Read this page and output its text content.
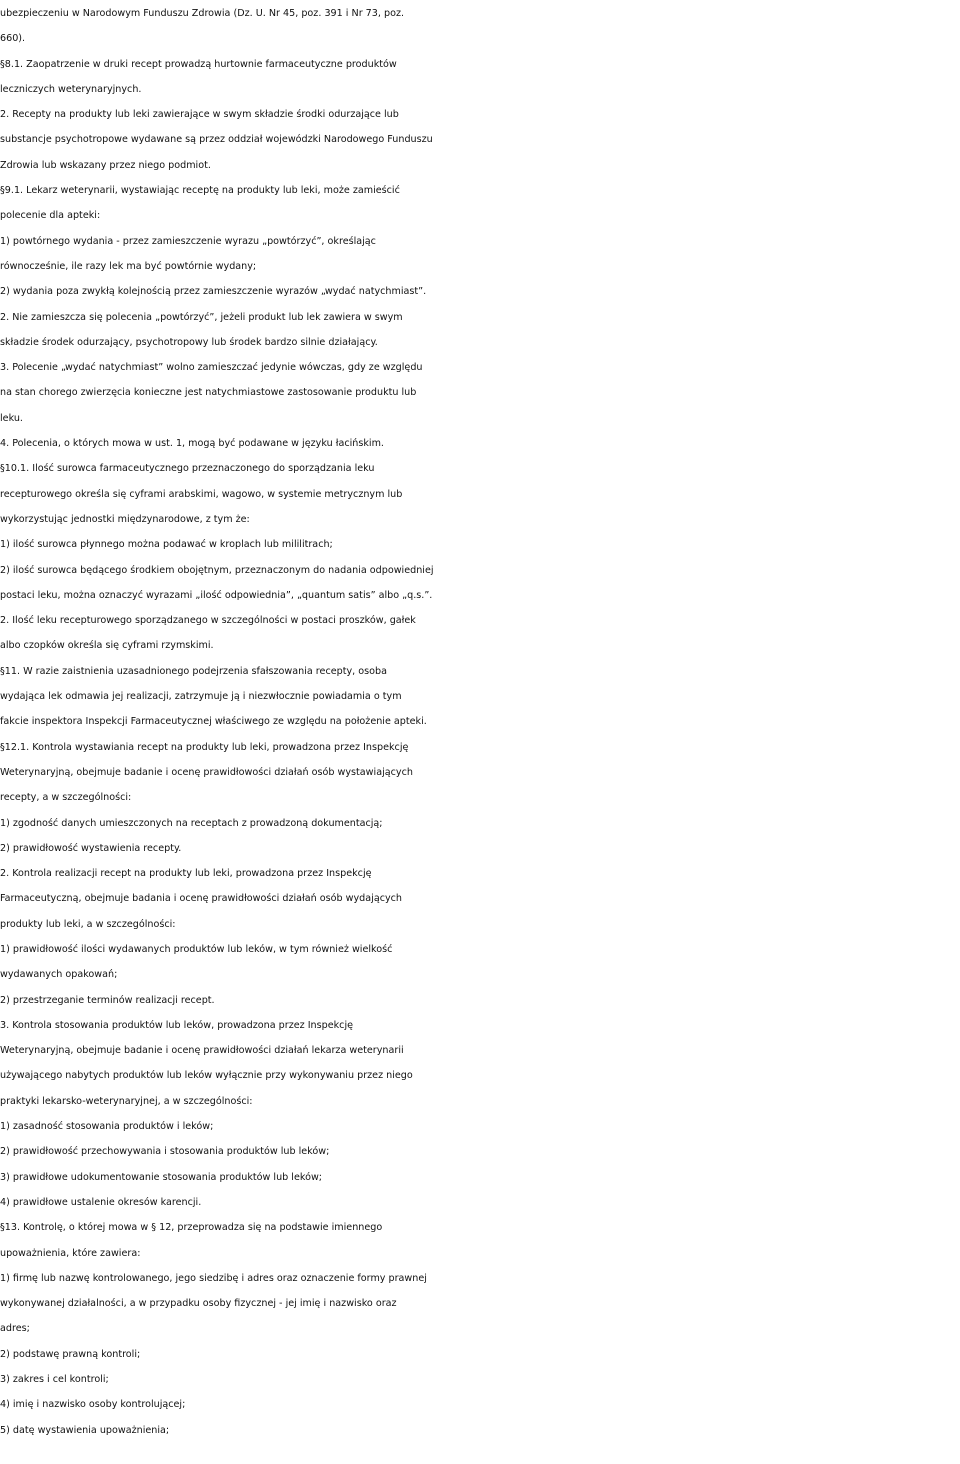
ubezpieczeniu w Narodowym Funduszu Zdrowia (Dz. U. Nr 45, poz. 391 i Nr 73, poz.
660).
§8.1. Zaopatrzenie w druki recept prowadzą hurtownie farmaceutyczne produktów
leczniczych weterynaryjnych.
2. Recepty na produkty lub leki zawierające w swym składzie środki odurzające lub
substancje psychotropowe wydawane są przez oddział wojewódzki Narodowego Funduszu
Zdrowia lub wskazany przez niego podmiot.
§9.1. Lekarz weterynarii, wystawiając receptę na produkty lub leki, może zamieścić
polecenie dla apteki:
1) powtórnego wydania - przez zamieszczenie wyrazu „powtórzyć”, określając
równocześnie, ile razy lek ma być powtórnie wydany;
2) wydania poza zwykłą kolejnością przez zamieszczenie wyrazów „wydać natychmiast”.
2. Nie zamieszcza się polecenia „powtórzyć”, jeżeli produkt lub lek zawiera w swym
składzie środek odurzający, psychotropowy lub środek bardzo silnie działający.
3. Polecenie „wydać natychmiast” wolno zamieszczać jedynie wówczas, gdy ze względu
na stan chorego zwierzęcia konieczne jest natychmiastowe zastosowanie produktu lub
leku.
4. Polecenia, o których mowa w ust. 1, mogą być podawane w języku łacińskim.
§10.1. Ilość surowca farmaceutycznego przeznaczonego do sporządzania leku
recepturowego określa się cyframi arabskimi, wagowo, w systemie metrycznym lub
wykorzystując jednostki międzynarodowe, z tym że:
1) ilość surowca płynnego można podawać w kroplach lub mililitrach;
2) ilość surowca będącego środkiem obojętnym, przeznaczonym do nadania odpowiedniej
postaci leku, można oznaczyć wyrazami „ilość odpowiednia”, „quantum satis” albo „q.s.”.
2. Ilość leku recepturowego sporządzanego w szczególności w postaci proszków, gałek
albo czopków określa się cyframi rzymskimi.
§11. W razie zaistnienia uzasadnionego podejrzenia sfałszowania recepty, osoba
wydająca lek odmawia jej realizacji, zatrzymuje ją i niezwłocznie powiadamia o tym
fakcie inspektora Inspekcji Farmaceutycznej właściwego ze względu na położenie apteki.
§12.1. Kontrola wystawiania recept na produkty lub leki, prowadzona przez Inspekcję
Weterynaryjną, obejmuje badanie i ocenę prawidłowości działań osób wystawiających
recepty, a w szczególności:
1) zgodność danych umieszczonych na receptach z prowadzoną dokumentacją;
2) prawidłowość wystawienia recepty.
2. Kontrola realizacji recept na produkty lub leki, prowadzona przez Inspekcję
Farmaceutyczną, obejmuje badania i ocenę prawidłowości działań osób wydających
produkty lub leki, a w szczególności:
1) prawidłowość ilości wydawanych produktów lub leków, w tym również wielkość
wydawanych opakowań;
2) przestrzeganie terminów realizacji recept.
3. Kontrola stosowania produktów lub leków, prowadzona przez Inspekcję
Weterynaryjną, obejmuje badanie i ocenę prawidłowości działań lekarza weterynarii
używającego nabytych produktów lub leków wyłącznie przy wykonywaniu przez niego
praktyki lekarsko-weterynaryjnej, a w szczególności:
1) zasadność stosowania produktów i leków;
2) prawidłowość przechowywania i stosowania produktów lub leków;
3) prawidłowe udokumentowanie stosowania produktów lub leków;
4) prawidłowe ustalenie okresów karencji.
§13. Kontrolę, o której mowa w § 12, przeprowadza się na podstawie imiennego
upoważnienia, które zawiera:
1) firmę lub nazwę kontrolowanego, jego siedzibę i adres oraz oznaczenie formy prawnej
wykonywanej działalności, a w przypadku osoby fizycznej - jej imię i nazwisko oraz
adres;
2) podstawę prawną kontroli;
3) zakres i cel kontroli;
4) imię i nazwisko osoby kontrolującej;
5) datę wystawienia upoważnienia;
